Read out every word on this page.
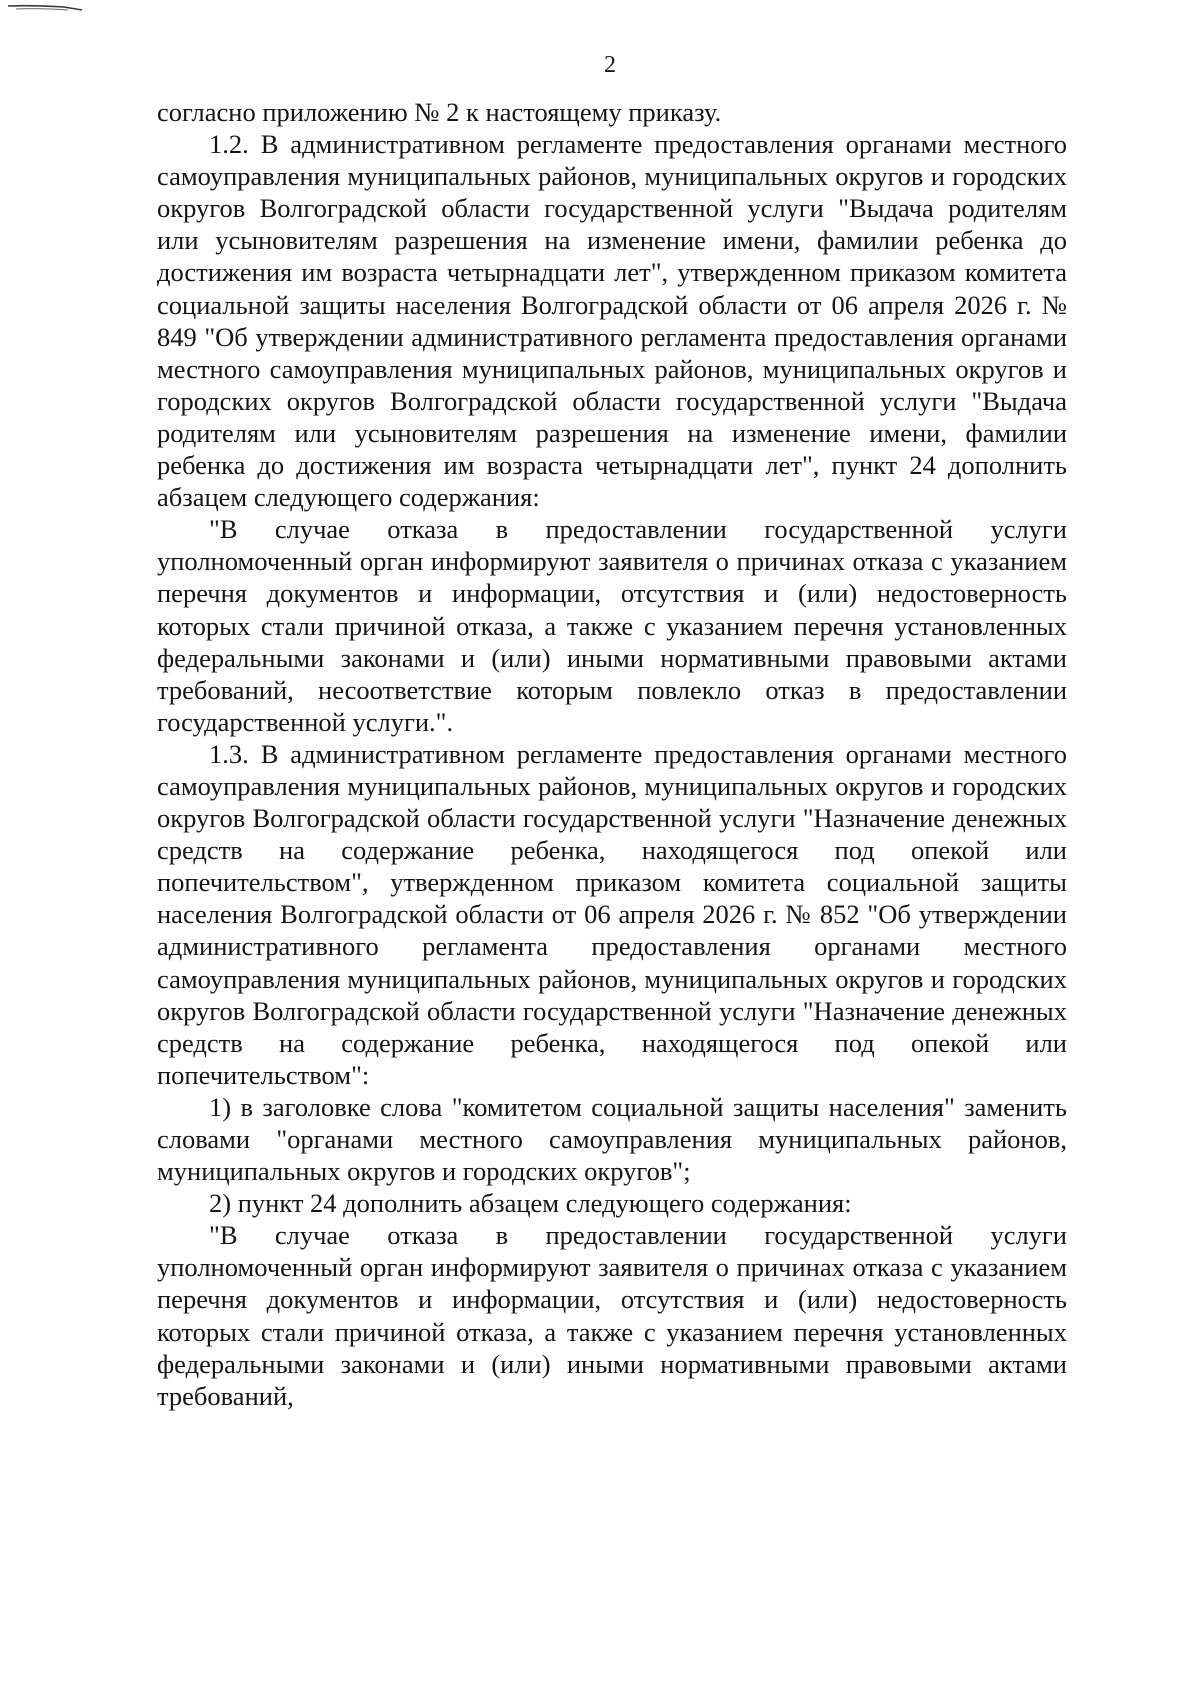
2

согласно приложению № 2 к настоящему приказу.

1.2. В административном регламенте предоставления органами местного самоуправления муниципальных районов, муниципальных округов и городских округов Волгоградской области государственной услуги "Выдача родителям или усыновителям разрешения на изменение имени, фамилии ребенка до достижения им возраста четырнадцати лет", утвержденном приказом комитета социальной защиты населения Волгоградской области от 06 апреля 2026 г. № 849 "Об утверждении административного регламента предоставления органами местного самоуправления муниципальных районов, муниципальных округов и городских округов Волгоградской области государственной услуги "Выдача родителям или усыновителям разрешения на изменение имени, фамилии ребенка до достижения им возраста четырнадцати лет", пункт 24 дополнить абзацем следующего содержания:

"В случае отказа в предоставлении государственной услуги уполномоченный орган информируют заявителя о причинах отказа с указанием перечня документов и информации, отсутствия и (или) недостоверность которых стали причиной отказа, а также с указанием перечня установленных федеральными законами и (или) иными нормативными правовыми актами требований, несоответствие которым повлекло отказ в предоставлении государственной услуги.".

1.3. В административном регламенте предоставления органами местного самоуправления муниципальных районов, муниципальных округов и городских округов Волгоградской области государственной услуги "Назначение денежных средств на содержание ребенка, находящегося под опекой или попечительством", утвержденном приказом комитета социальной защиты населения Волгоградской области от 06 апреля 2026 г. № 852 "Об утверждении административного регламента предоставления органами местного самоуправления муниципальных районов, муниципальных округов и городских округов Волгоградской области государственной услуги "Назначение денежных средств на содержание ребенка, находящегося под опекой или попечительством":

1) в заголовке слова "комитетом социальной защиты населения" заменить словами "органами местного самоуправления муниципальных районов, муниципальных округов и городских округов";

2) пункт 24 дополнить абзацем следующего содержания:

"В случае отказа в предоставлении государственной услуги уполномоченный орган информируют заявителя о причинах отказа с указанием перечня документов и информации, отсутствия и (или) недостоверность которых стали причиной отказа, а также с указанием перечня установленных федеральными законами и (или) иными нормативными правовыми актами требований,
